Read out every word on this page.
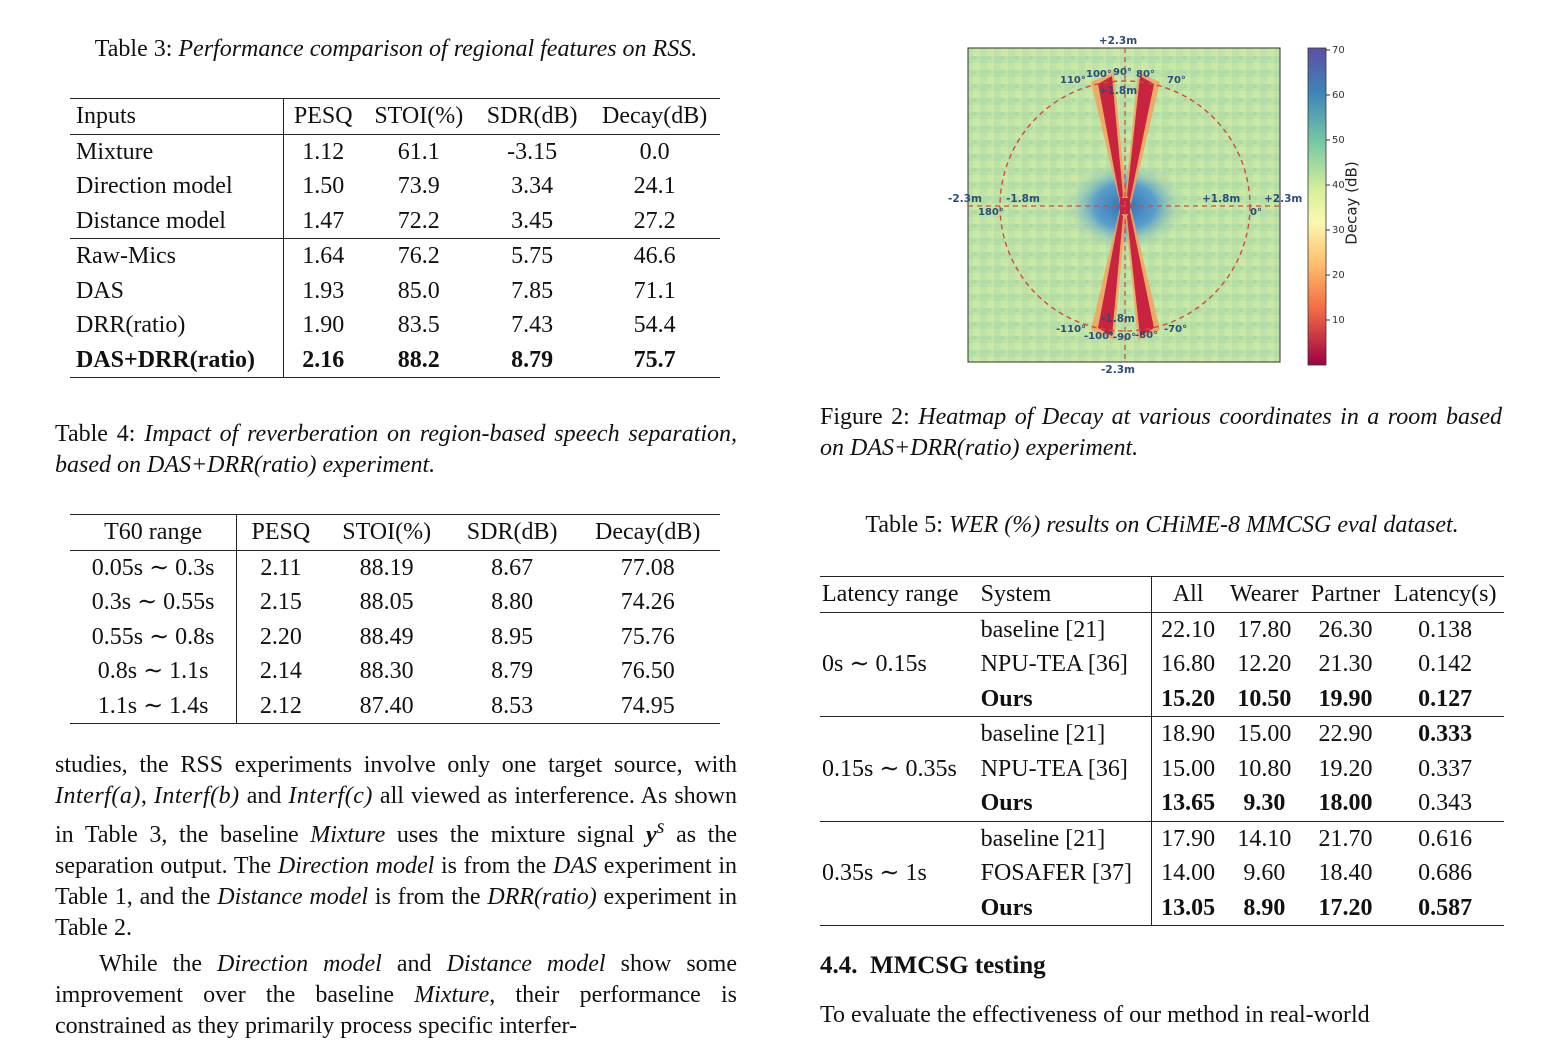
Table 3: Performance comparison of regional features on RSS.
Inputs	PESQ	STOI(%)	SDR(dB)	Decay(dB)
Mixture	1.12	61.1	-3.15	0.0
Direction model	1.50	73.9	3.34	24.1
Distance model	1.47	72.2	3.45	27.2
Raw-Mics	1.64	76.2	5.75	46.6
DAS	1.93	85.0	7.85	71.1
DRR(ratio)	1.90	83.5	7.43	54.4
DAS+DRR(ratio)	2.16	88.2	8.79	75.7
Table 4: Impact of reverberation on region-based speech separation, based on DAS+DRR(ratio) experiment.
T60 range	PESQ	STOI(%)	SDR(dB)	Decay(dB)
0.05s ∼ 0.3s	2.11	88.19	8.67	77.08
0.3s ∼ 0.55s	2.15	88.05	8.80	74.26
0.55s ∼ 0.8s	2.20	88.49	8.95	75.76
0.8s ∼ 1.1s	2.14	88.30	8.79	76.50
1.1s ∼ 1.4s	2.12	87.40	8.53	74.95

studies, the RSS experiments involve only one target source, with Interf(a), Interf(b) and Interf(c) all viewed as interference. As shown in Table 3, the baseline Mixture uses the mixture signal $y^s$ as the separation output. The Direction model is from the DAS experiment in Table 1, and the Distance model is from the DRR(ratio) experiment in Table 2.

While the Direction model and Distance model show some improvement over the baseline Mixture, their performance is constrained as they primarily process specific interfer-

+2.3m
-2.3m
-2.3m	+2.3m
+1.8m
-1.8m
-1.8m	+1.8m
110°
100° 90° 80°
70°
180°	0°
-110°
-100°
-90°
-80°
-70°
70
60
50
40
30
20
10
Decay (dB)
Figure 2: Heatmap of Decay at various coordinates in a room based on DAS+DRR(ratio) experiment.
Table 5: WER (%) results on CHiME-8 MMCSG eval dataset.
Latency range	System	All	Wearer	Partner	Latency(s)
0s ∼ 0.15s	baseline [21]	22.10	17.80	26.30	0.138
	NPU-TEA [36]	16.80	12.20	21.30	0.142
	Ours	15.20	10.50	19.90	0.127
0.15s ∼ 0.35s	baseline [21]	18.90	15.00	22.90	0.333
	NPU-TEA [36]	15.00	10.80	19.20	0.337
	Ours	13.65	9.30	18.00	0.343
0.35s ∼ 1s	baseline [21]	17.90	14.10	21.70	0.616
	FOSAFER [37]	14.00	9.60	18.40	0.686
	Ours	13.05	8.90	17.20	0.587
4.4. MMCSG testing
To evaluate the effectiveness of our method in real-world
